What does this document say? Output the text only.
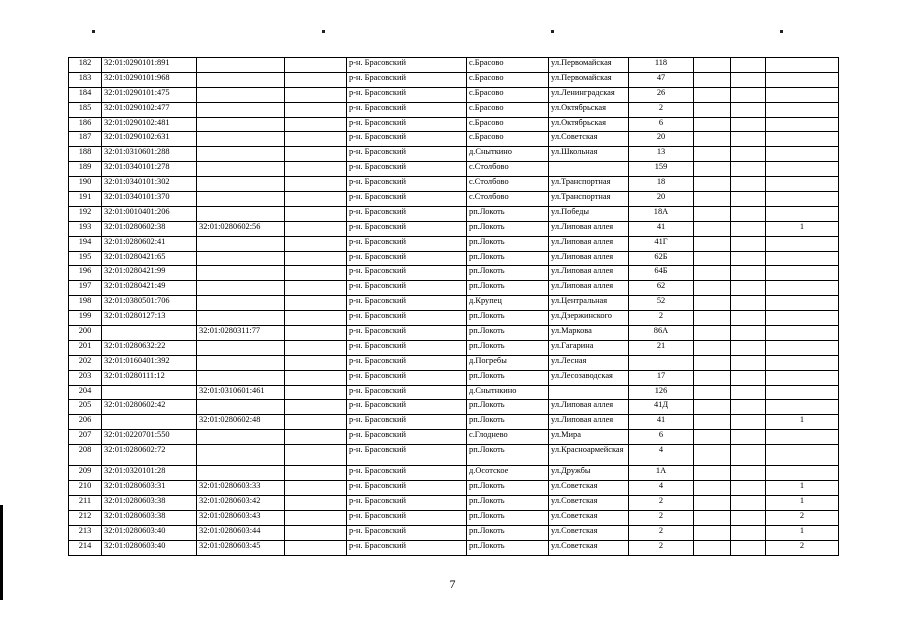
182	32:01:0290101:891			р-н. Брасовский	с.Брасово	ул.Первомайская	118			
183	32:01:0290101:968			р-н. Брасовский	с.Брасово	ул.Первомайская	47			
184	32:01:0290101:475			р-н. Брасовский	с.Брасово	ул.Ленинградская	26			
185	32:01:0290102:477			р-н. Брасовский	с.Брасово	ул.Октябрьская	2			
186	32:01:0290102:481			р-н. Брасовский	с.Брасово	ул.Октябрьская	6			
187	32:01:0290102:631			р-н. Брасовский	с.Брасово	ул.Советская	20			
188	32:01:0310601:288			р-н. Брасовский	д.Сныткино	ул.Школьная	13			
189	32:01:0340101:278			р-н. Брасовский	с.Столбово		159			
190	32:01:0340101:302			р-н. Брасовский	с.Столбово	ул.Транспортная	18			
191	32:01:0340101:370			р-н. Брасовский	с.Столбово	ул.Транспортная	20			
192	32:01:0010401:206			р-н. Брасовский	рп.Локоть	ул.Победы	18А			
193	32:01:0280602:38	32:01:0280602:56		р-н. Брасовский	рп.Локоть	ул.Липовая аллея	41			1
194	32:01:0280602:41			р-н. Брасовский	рп.Локоть	ул.Липовая аллея	41Г			
195	32:01:0280421:65			р-н. Брасовский	рп.Локоть	ул.Липовая аллея	62Б			
196	32:01:0280421:99			р-н. Брасовский	рп.Локоть	ул.Липовая аллея	64Б			
197	32:01:0280421:49			р-н. Брасовский	рп.Локоть	ул.Липовая аллея	62			
198	32:01:0380501:706			р-н. Брасовский	д.Крупец	ул.Центральная	52			
199	32:01:0280127:13			р-н. Брасовский	рп.Локоть	ул.Дзержинского	2			
200		32:01:0280311:77		р-н. Брасовский	рп.Локоть	ул.Маркова	86А			
201	32:01:0280632:22			р-н. Брасовский	рп.Локоть	ул.Гагарина	21			
202	32:01:0160401:392			р-н. Брасовский	д.Погребы	ул.Лесная				
203	32:01:0280111:12			р-н. Брасовский	рп.Локоть	ул.Лесозаводская	17			
204		32:01:0310601:461		р-н. Брасовский	д.Снытнкино		126			
205	32:01:0280602:42			р-н. Брасовский	рп.Локоть	ул.Липовая аллея	41Д			
206		32:01:0280602:48		р-н. Брасовский	рп.Локоть	ул.Липовая аллея	41			1
207	32:01:0220701:550			р-н. Брасовский	с.Глоднево	ул.Мира	6			
208	32:01:0280602:72			р-н. Брасовский	рп.Локоть	ул.Красноармейская	4			
209	32:01:0320101:28			р-н. Брасовский	д.Осотское	ул.Дружбы	1А			
210	32:01:0280603:31	32:01:0280603:33		р-н. Брасовский	рп.Локоть	ул.Советская	4			1
211	32:01:0280603:38	32:01:0280603:42		р-н. Брасовский	рп.Локоть	ул.Советская	2			1
212	32:01:0280603:38	32:01:0280603:43		р-н. Брасовский	рп.Локоть	ул.Советская	2			2
213	32:01:0280603:40	32:01:0280603:44		р-н. Брасовский	рп.Локоть	ул.Советская	2			1
214	32:01:0280603:40	32:01:0280603:45		р-н. Брасовский	рп.Локоть	ул.Советская	2			2
7
